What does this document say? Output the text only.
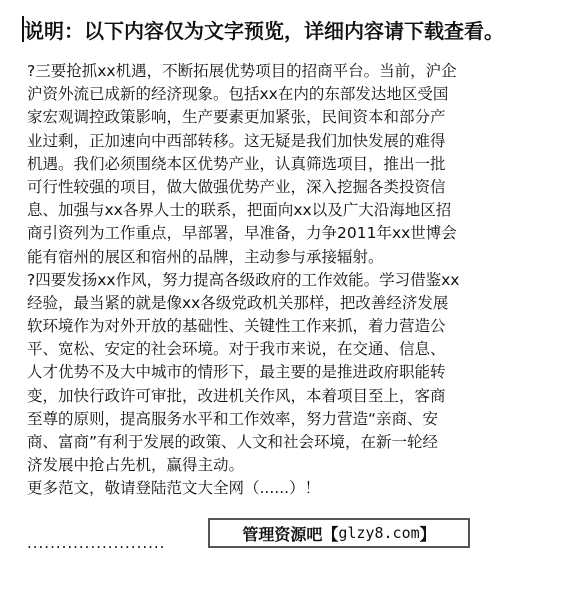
说明：以下内容仅为文字预览，详细内容请下载查看。
?三要抢抓xx机遇，不断拓展优势项目的招商平台。当前，沪企
沪资外流已成新的经济现象。包括xx在内的东部发达地区受国
家宏观调控政策影响，生产要素更加紧张，民间资本和部分产
业过剩，正加速向中西部转移。这无疑是我们加快发展的难得
机遇。我们必须围绕本区优势产业，认真筛选项目，推出一批
可行性较强的项目，做大做强优势产业，深入挖掘各类投资信
息、加强与xx各界人士的联系，把面向xx以及广大沿海地区招
商引资列为工作重点，早部署，早准备，力争2011年xx世博会
能有宿州的展区和宿州的品牌，主动参与承接辐射。
?四要发扬xx作风，努力提高各级政府的工作效能。学习借鉴xx
经验，最当紧的就是像xx各级党政机关那样，把改善经济发展
软环境作为对外开放的基础性、关键性工作来抓，着力营造公
平、宽松、安定的社会环境。对于我市来说，在交通、信息、
人才优势不及大中城市的情形下，最主要的是推进政府职能转
变，加快行政许可审批，改进机关作风，本着项目至上，客商
至尊的原则，提高服务水平和工作效率，努力营造“亲商、安
商、富商”有利于发展的政策、人文和社会环境，在新一轮经
济发展中抢占先机，赢得主动。
更多范文，敬请登陆范文大全网（......）！
........................	管理资源吧【 glzy8.com 】
